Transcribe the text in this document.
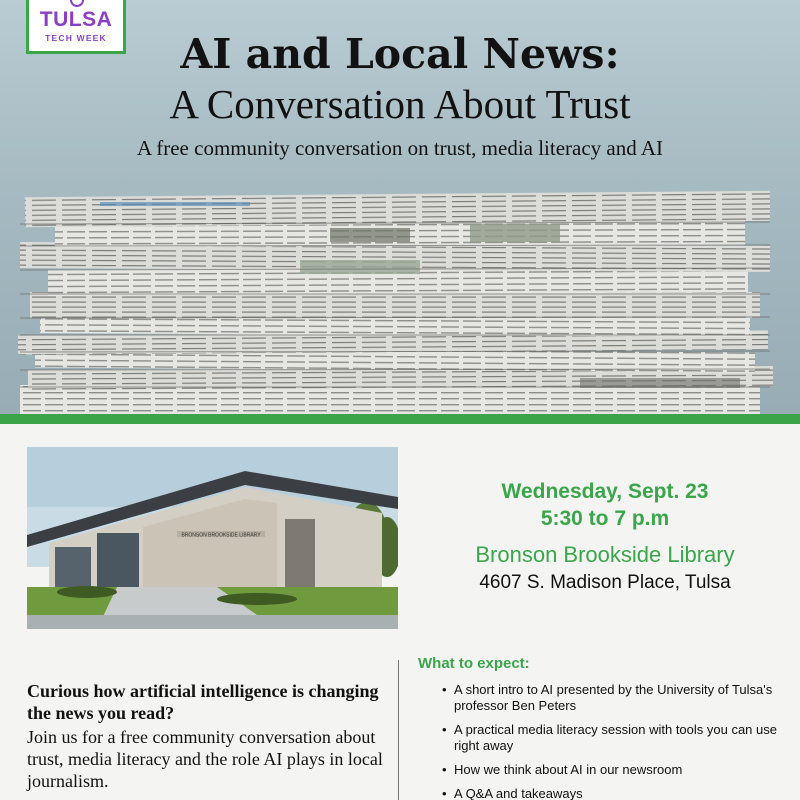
TULSA
TECH WEEK	AI and Local News:
A Conversation About Trust
A free community conversation on trust, media literacy and AI
BRONSON BROOKSIDE LIBRARY
Wednesday, Sept. 23
5:30 to 7 p.m
Bronson Brookside Library
4607 S. Madison Place, Tulsa
Curious how artificial intelligence is changing the news you read?
Join us for a free community conversation about trust, media literacy and the role AI plays in local journalism.
What to expect:
• A short intro to AI presented by the University of Tulsa's professor Ben Peters
• A practical media literacy session with tools you can use right away
• How we think about AI in our newsroom
• A Q&A and takeaways
